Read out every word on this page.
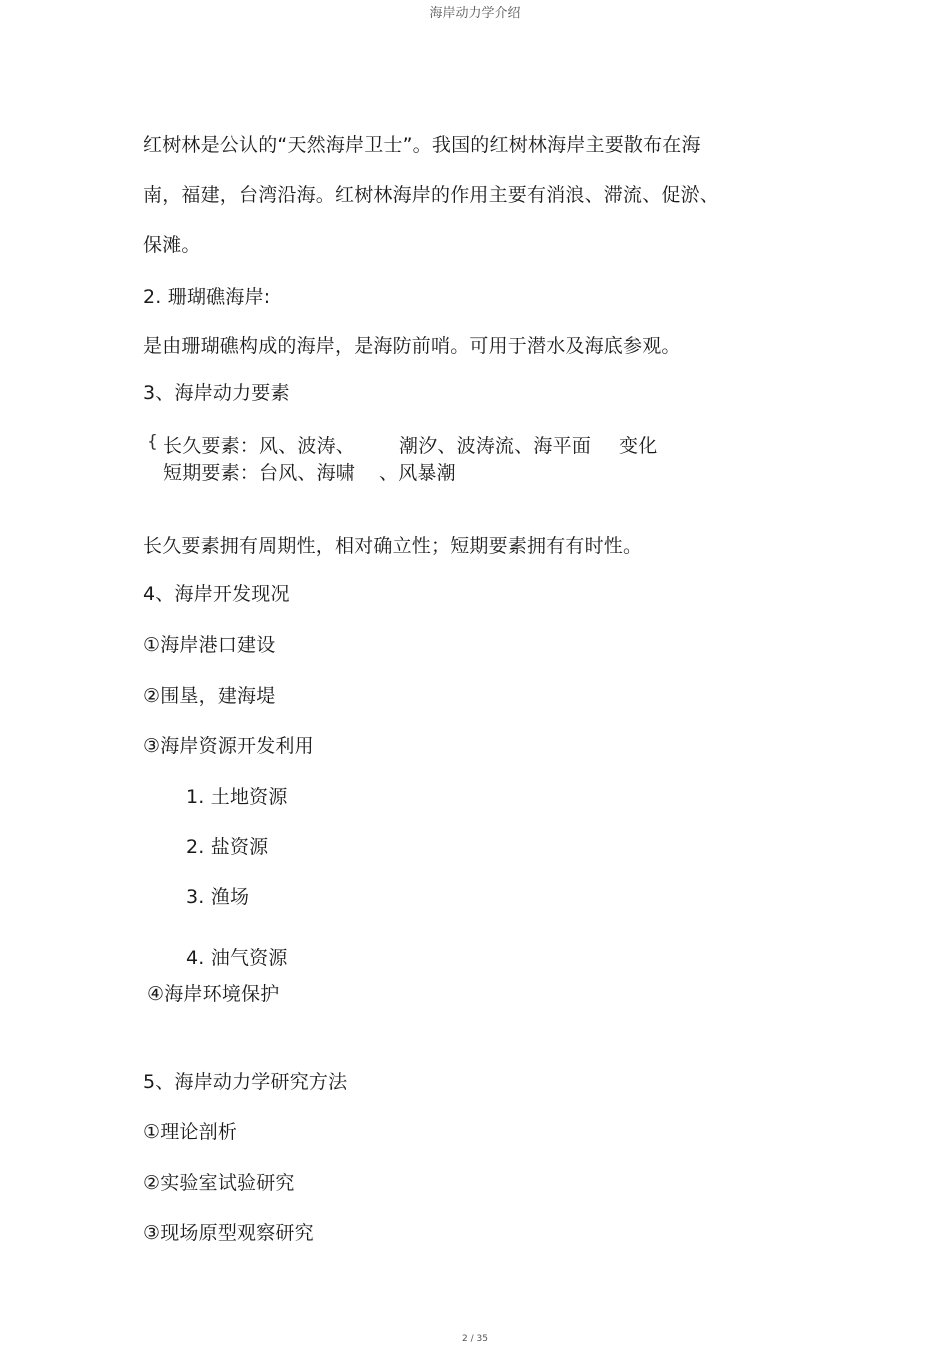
海岸动力学介绍
红树林是公认的“天然海岸卫士”。我国的红树林海岸主要散布在海
南，福建，台湾沿海。红树林海岸的作用主要有消浪、滞流、促淤、
保滩。
2. 珊瑚礁海岸:
是由珊瑚礁构成的海岸，是海防前哨。可用于潜水及海底参观。
3、海岸动力要素
{ 长久要素：风、波涛、 潮汐、波涛流、海平面 变化
短期要素：台风、海啸 、风暴潮
长久要素拥有周期性，相对确立性；短期要素拥有有时性。
4、海岸开发现况
①海岸港口建设
②围垦，建海堤
③海岸资源开发利用
1. 土地资源
2. 盐资源
3. 渔场
4. 油气资源
④海岸环境保护
5、海岸动力学研究方法
①理论剖析
②实验室试验研究
③现场原型观察研究
2 / 35
